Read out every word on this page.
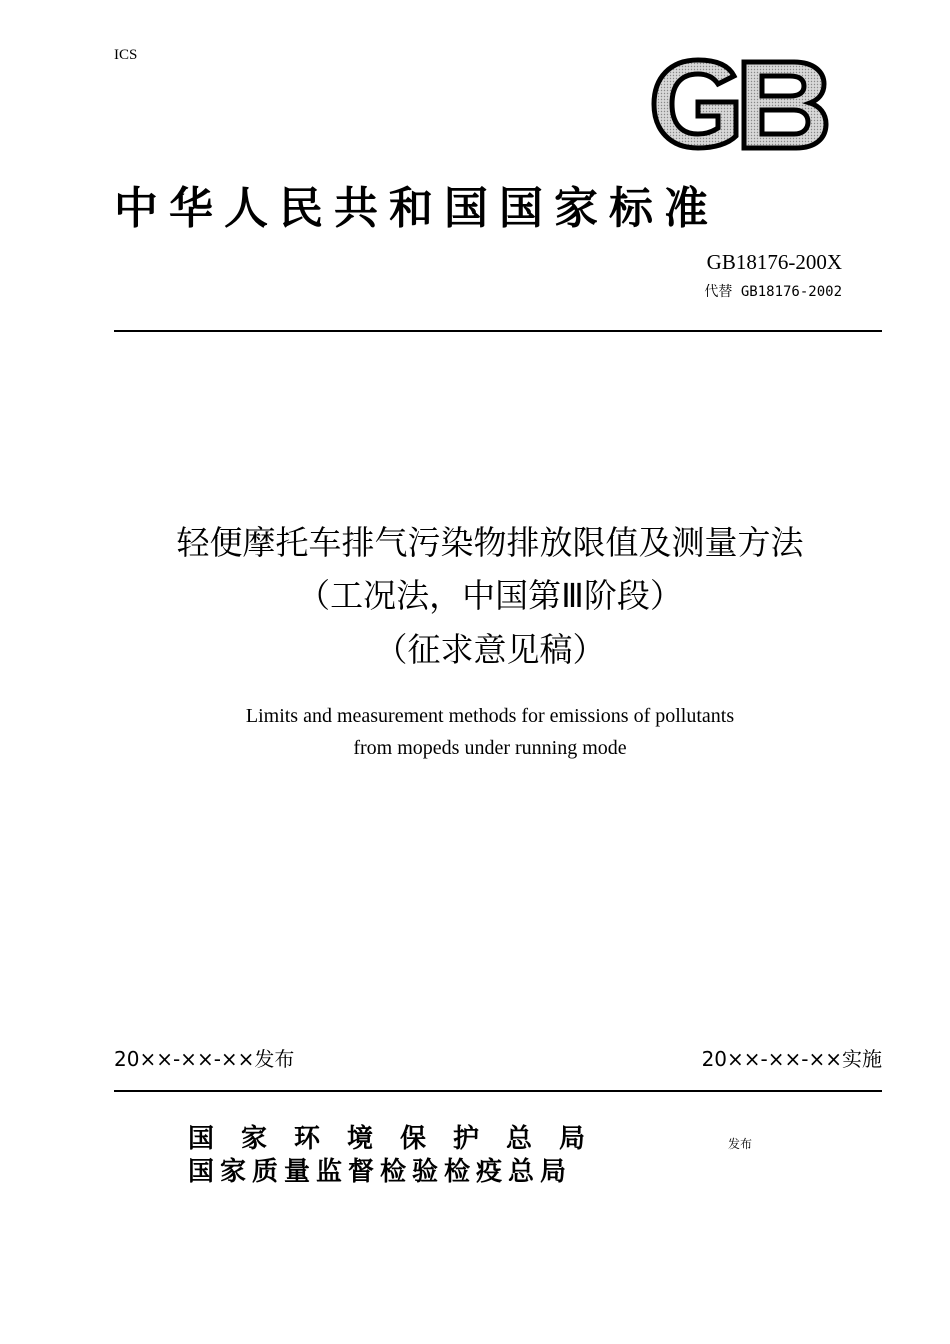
ICS
中华人民共和国国家标准
GB18176-200X
代替 GB18176-2002
轻便摩托车排气污染物排放限值及测量方法
（工况法，中国第Ⅲ阶段）
（征求意见稿）
Limits and measurement methods for emissions of pollutants
from mopeds under running mode
20××-××-××发布	20××-××-××实施
国家环境保护总局
国家质量监督检验检疫总局
发布
